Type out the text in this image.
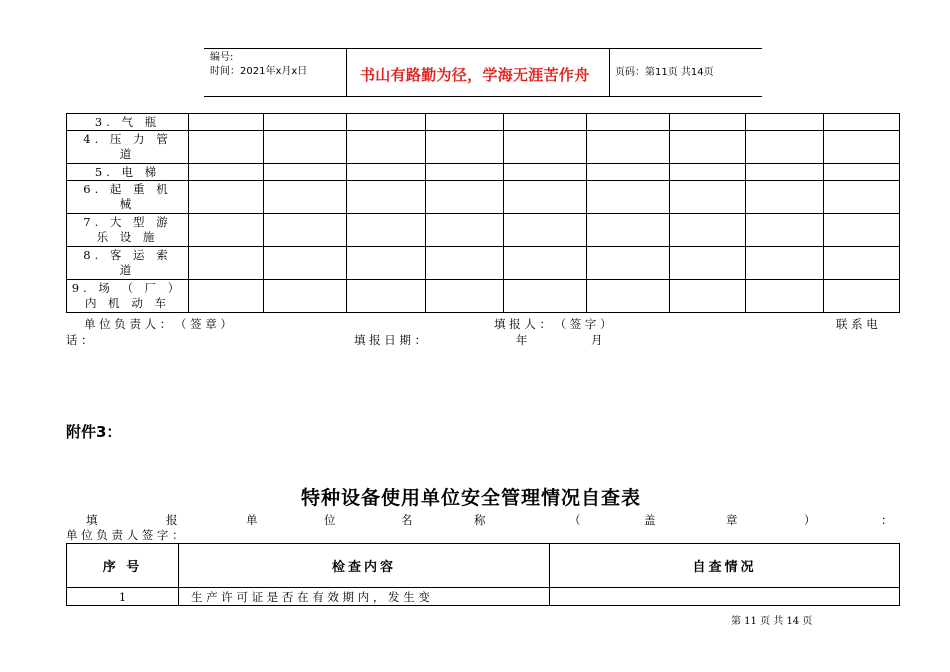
编号:
时间：2021年x月x日	书山有路勤为径，学海无涯苦作舟	页码：第11页 共14页
3. 气 瓶									

4. 压 力 管
道									

5. 电 梯									

6. 起 重 机
械									

7. 大 型 游
乐 设 施									

8. 客 运 索
道									

9. 场 （ 厂 ）
内 机 动 车									

单 位 负 责 人 ： （ 签 章 ）	填 报 人 ： （ 签 字 ）	联 系 电
话 ：	填 报 日 期 ：	年	月
附件3：
特种设备使用单位安全管理情况自查表
填	报	单	位	名	称	（	盖	章	）	：
单 位 负 责 人 签 字 ：
序 号	检查内容	自查情况
1	生 产 许 可 证 是 否 在 有 效 期 内 ， 发 生 变	
第 11 页 共 14 页
